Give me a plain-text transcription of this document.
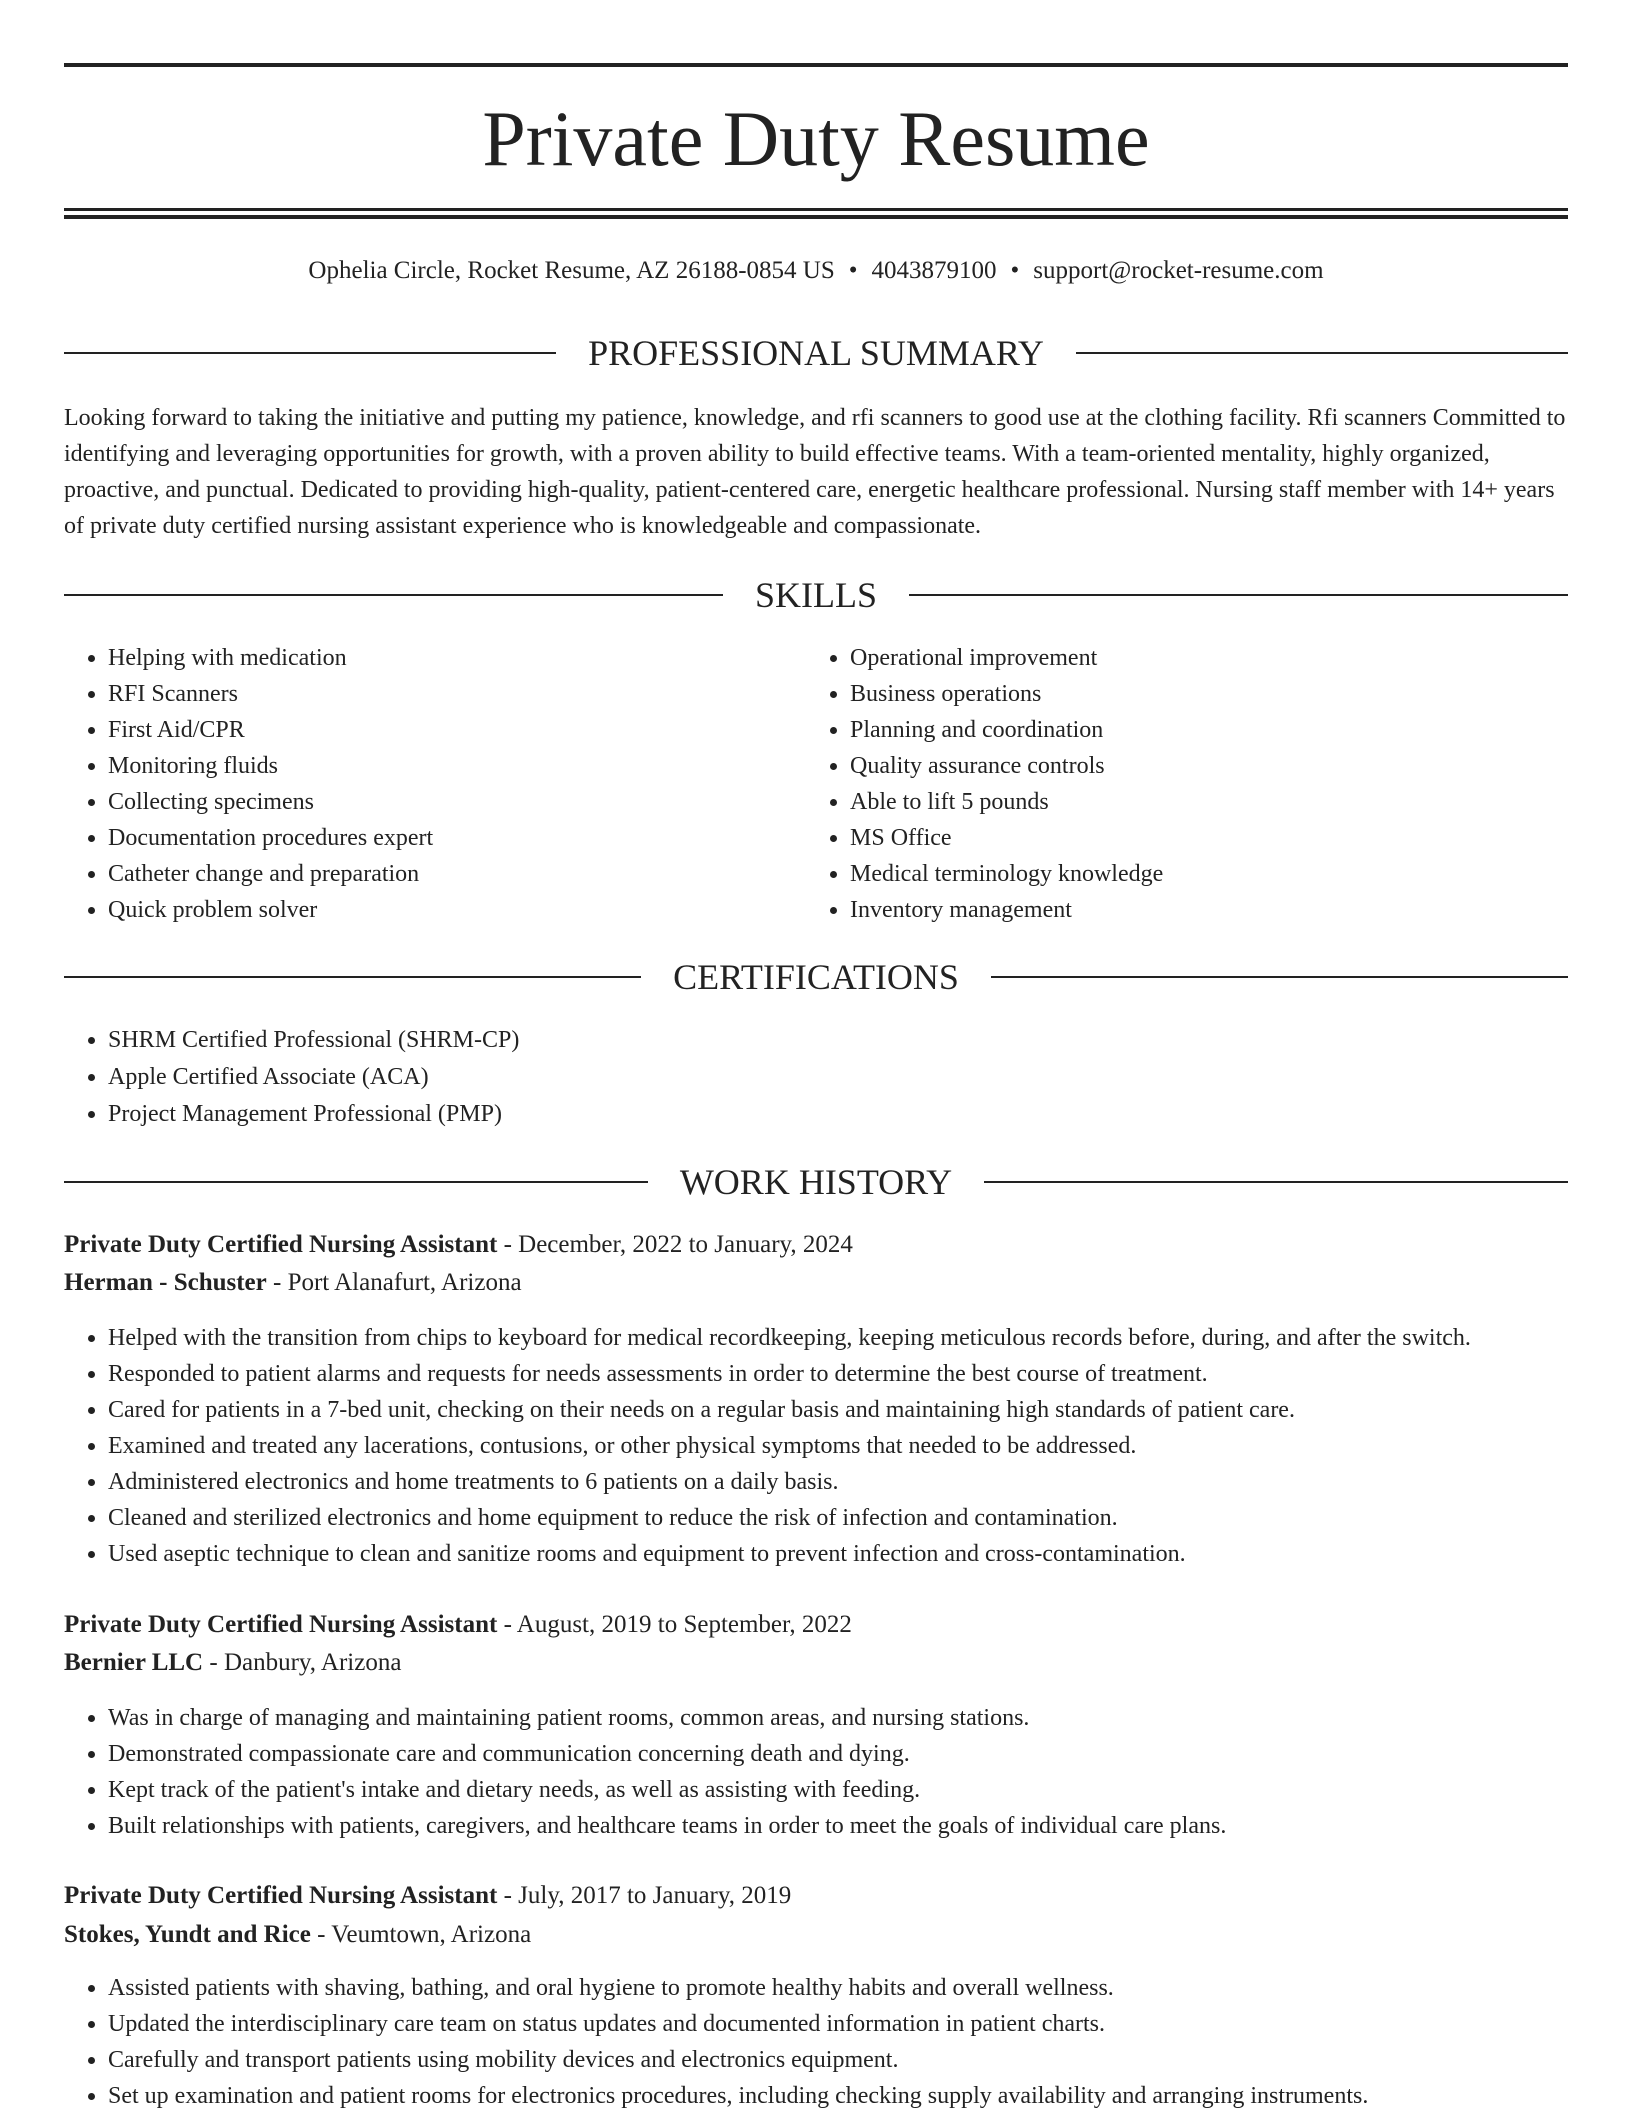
Private Duty Resume
Ophelia Circle, Rocket Resume, AZ 26188-0854 US • 4043879100 • support@rocket-resume.com
PROFESSIONAL SUMMARY

Looking forward to taking the initiative and putting my patience, knowledge, and rfi scanners to good use at the clothing facility. Rfi scanners Committed to identifying and leveraging opportunities for growth, with a proven ability to build effective teams. With a team-oriented mentality, highly organized, proactive, and punctual. Dedicated to providing high-quality, patient-centered care, energetic healthcare professional. Nursing staff member with 14+ years of private duty certified nursing assistant experience who is knowledgeable and compassionate.

SKILLS
• Helping with medication
• RFI Scanners
• First Aid/CPR
• Monitoring fluids
• Collecting specimens
• Documentation procedures expert
• Catheter change and preparation
• Quick problem solver
• Operational improvement
• Business operations
• Planning and coordination
• Quality assurance controls
• Able to lift 5 pounds
• MS Office
• Medical terminology knowledge
• Inventory management
CERTIFICATIONS
• SHRM Certified Professional (SHRM-CP)
• Apple Certified Associate (ACA)
• Project Management Professional (PMP)
WORK HISTORY
Private Duty Certified Nursing Assistant - December, 2022 to January, 2024
Herman - Schuster - Port Alanafurt, Arizona
• Helped with the transition from chips to keyboard for medical recordkeeping, keeping meticulous records before, during, and after the switch.
• Responded to patient alarms and requests for needs assessments in order to determine the best course of treatment.
• Cared for patients in a 7-bed unit, checking on their needs on a regular basis and maintaining high standards of patient care.
• Examined and treated any lacerations, contusions, or other physical symptoms that needed to be addressed.
• Administered electronics and home treatments to 6 patients on a daily basis.
• Cleaned and sterilized electronics and home equipment to reduce the risk of infection and contamination.
• Used aseptic technique to clean and sanitize rooms and equipment to prevent infection and cross-contamination.
Private Duty Certified Nursing Assistant - August, 2019 to September, 2022
Bernier LLC - Danbury, Arizona
• Was in charge of managing and maintaining patient rooms, common areas, and nursing stations.
• Demonstrated compassionate care and communication concerning death and dying.
• Kept track of the patient's intake and dietary needs, as well as assisting with feeding.
• Built relationships with patients, caregivers, and healthcare teams in order to meet the goals of individual care plans.
Private Duty Certified Nursing Assistant - July, 2017 to January, 2019
Stokes, Yundt and Rice - Veumtown, Arizona
• Assisted patients with shaving, bathing, and oral hygiene to promote healthy habits and overall wellness.
• Updated the interdisciplinary care team on status updates and documented information in patient charts.
• Carefully and transport patients using mobility devices and electronics equipment.
• Set up examination and patient rooms for electronics procedures, including checking supply availability and arranging instruments.
